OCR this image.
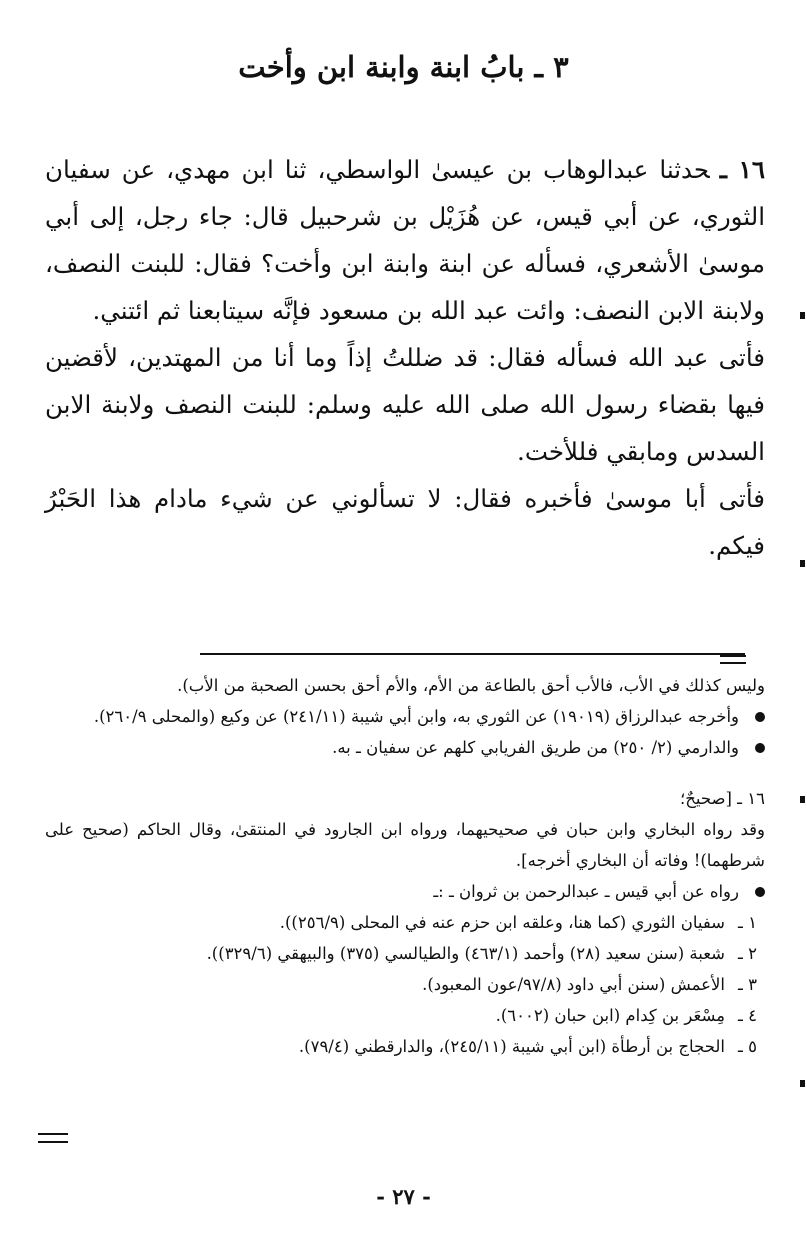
٣ ـ بابُ ابنة وابنة ابن وأخت

١٦ ـحدثنا عبدالوهاب بن عيسىٰ الواسطي، ثنا ابن مهدي، عن سفيان الثوري، عن أبي قيس، عن هُزَيْل بن شرحبيل قال: جاء رجل، إلى أبي موسىٰ الأشعري، فسأله عن ابنة وابنة ابن وأخت؟ فقال: للبنت النصف، ولابنة الابن النصف: وائت عبد الله بن مسعود فإنَّه سيتابعنا ثم ائتني.

فأتى عبد الله فسأله فقال: قد ضللتُ إذاً وما أنا من المهتدين، لأقضين فيها بقضاء رسول الله صلى الله عليه وسلم: للبنت النصف ولابنة الابن السدس ومابقي فللأخت.

فأتى أبا موسىٰ فأخبره فقال: لا تسألوني عن شيء مادام هذا الحَبْرُ فيكم.

وليس كذلك في الأب، فالأب أحق بالطاعة من الأم، والأم أحق بحسن الصحبة من الأب).

وأخرجه عبدالرزاق (١٩٠١٩) عن الثوري به، وابن أبي شيبة (٢٤١/١١) عن وكيع (والمحلى ٢٦٠/٩).

والدارمي (٢/ ٢٥٠) من طريق الفريابي كلهم عن سفيان ـ به.

١٦ ـ [صحيحٌ؛

وقد رواه البخاري وابن حبان في صحيحيهما، ورواه ابن الجارود في المنتقىٰ، وقال الحاكم (صحيح على شرطهما)! وفاته أن البخاري أخرجه].

رواه عن أبي قيس ـ عبدالرحمن بن ثروان ـ :ـ

١ ـ
سفيان الثوري (كما هنا، وعلقه ابن حزم عنه في المحلى (٢٥٦/٩)).
٢ ـ
شعبة (سنن سعيد (٢٨) وأحمد (٤٦٣/١) والطيالسي (٣٧٥) والبيهقي (٣٢٩/٦)).
٣ ـ
الأعمش (سنن أبي داود (٩٧/٨/عون المعبود).
٤ ـ
مِسْعَر بن كِدام (ابن حبان (٦٠٠٢).
٥ ـ
الحجاج بن أرطأة (ابن أبي شيبة (٢٤٥/١١)، والدارقطني (٧٩/٤).
- ٢٧ -
